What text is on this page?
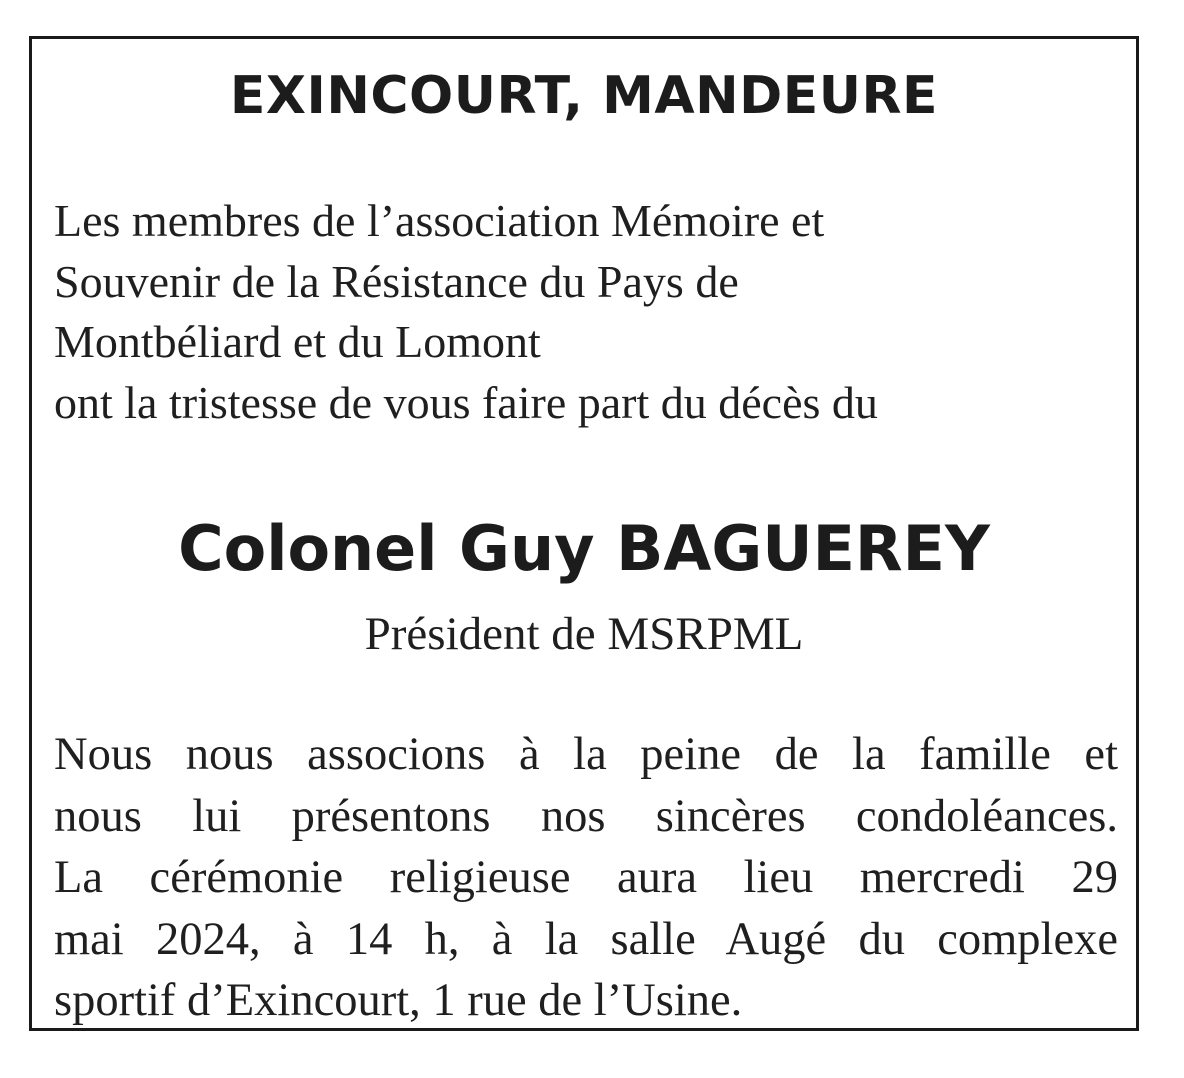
EXINCOURT, MANDEURE
Les membres de l’association Mémoire et
Souvenir de la Résistance du Pays de
Montbéliard et du Lomont
ont la tristesse de vous faire part du décès du
Colonel Guy BAGUEREY
Président de MSRPML
Nous nous associons à la peine de la famille et
nous lui présentons nos sincères condoléances.
La cérémonie religieuse aura lieu mercredi 29
mai 2024, à 14 h, à la salle Augé du complexe
sportif d’Exincourt, 1 rue de l’Usine.
